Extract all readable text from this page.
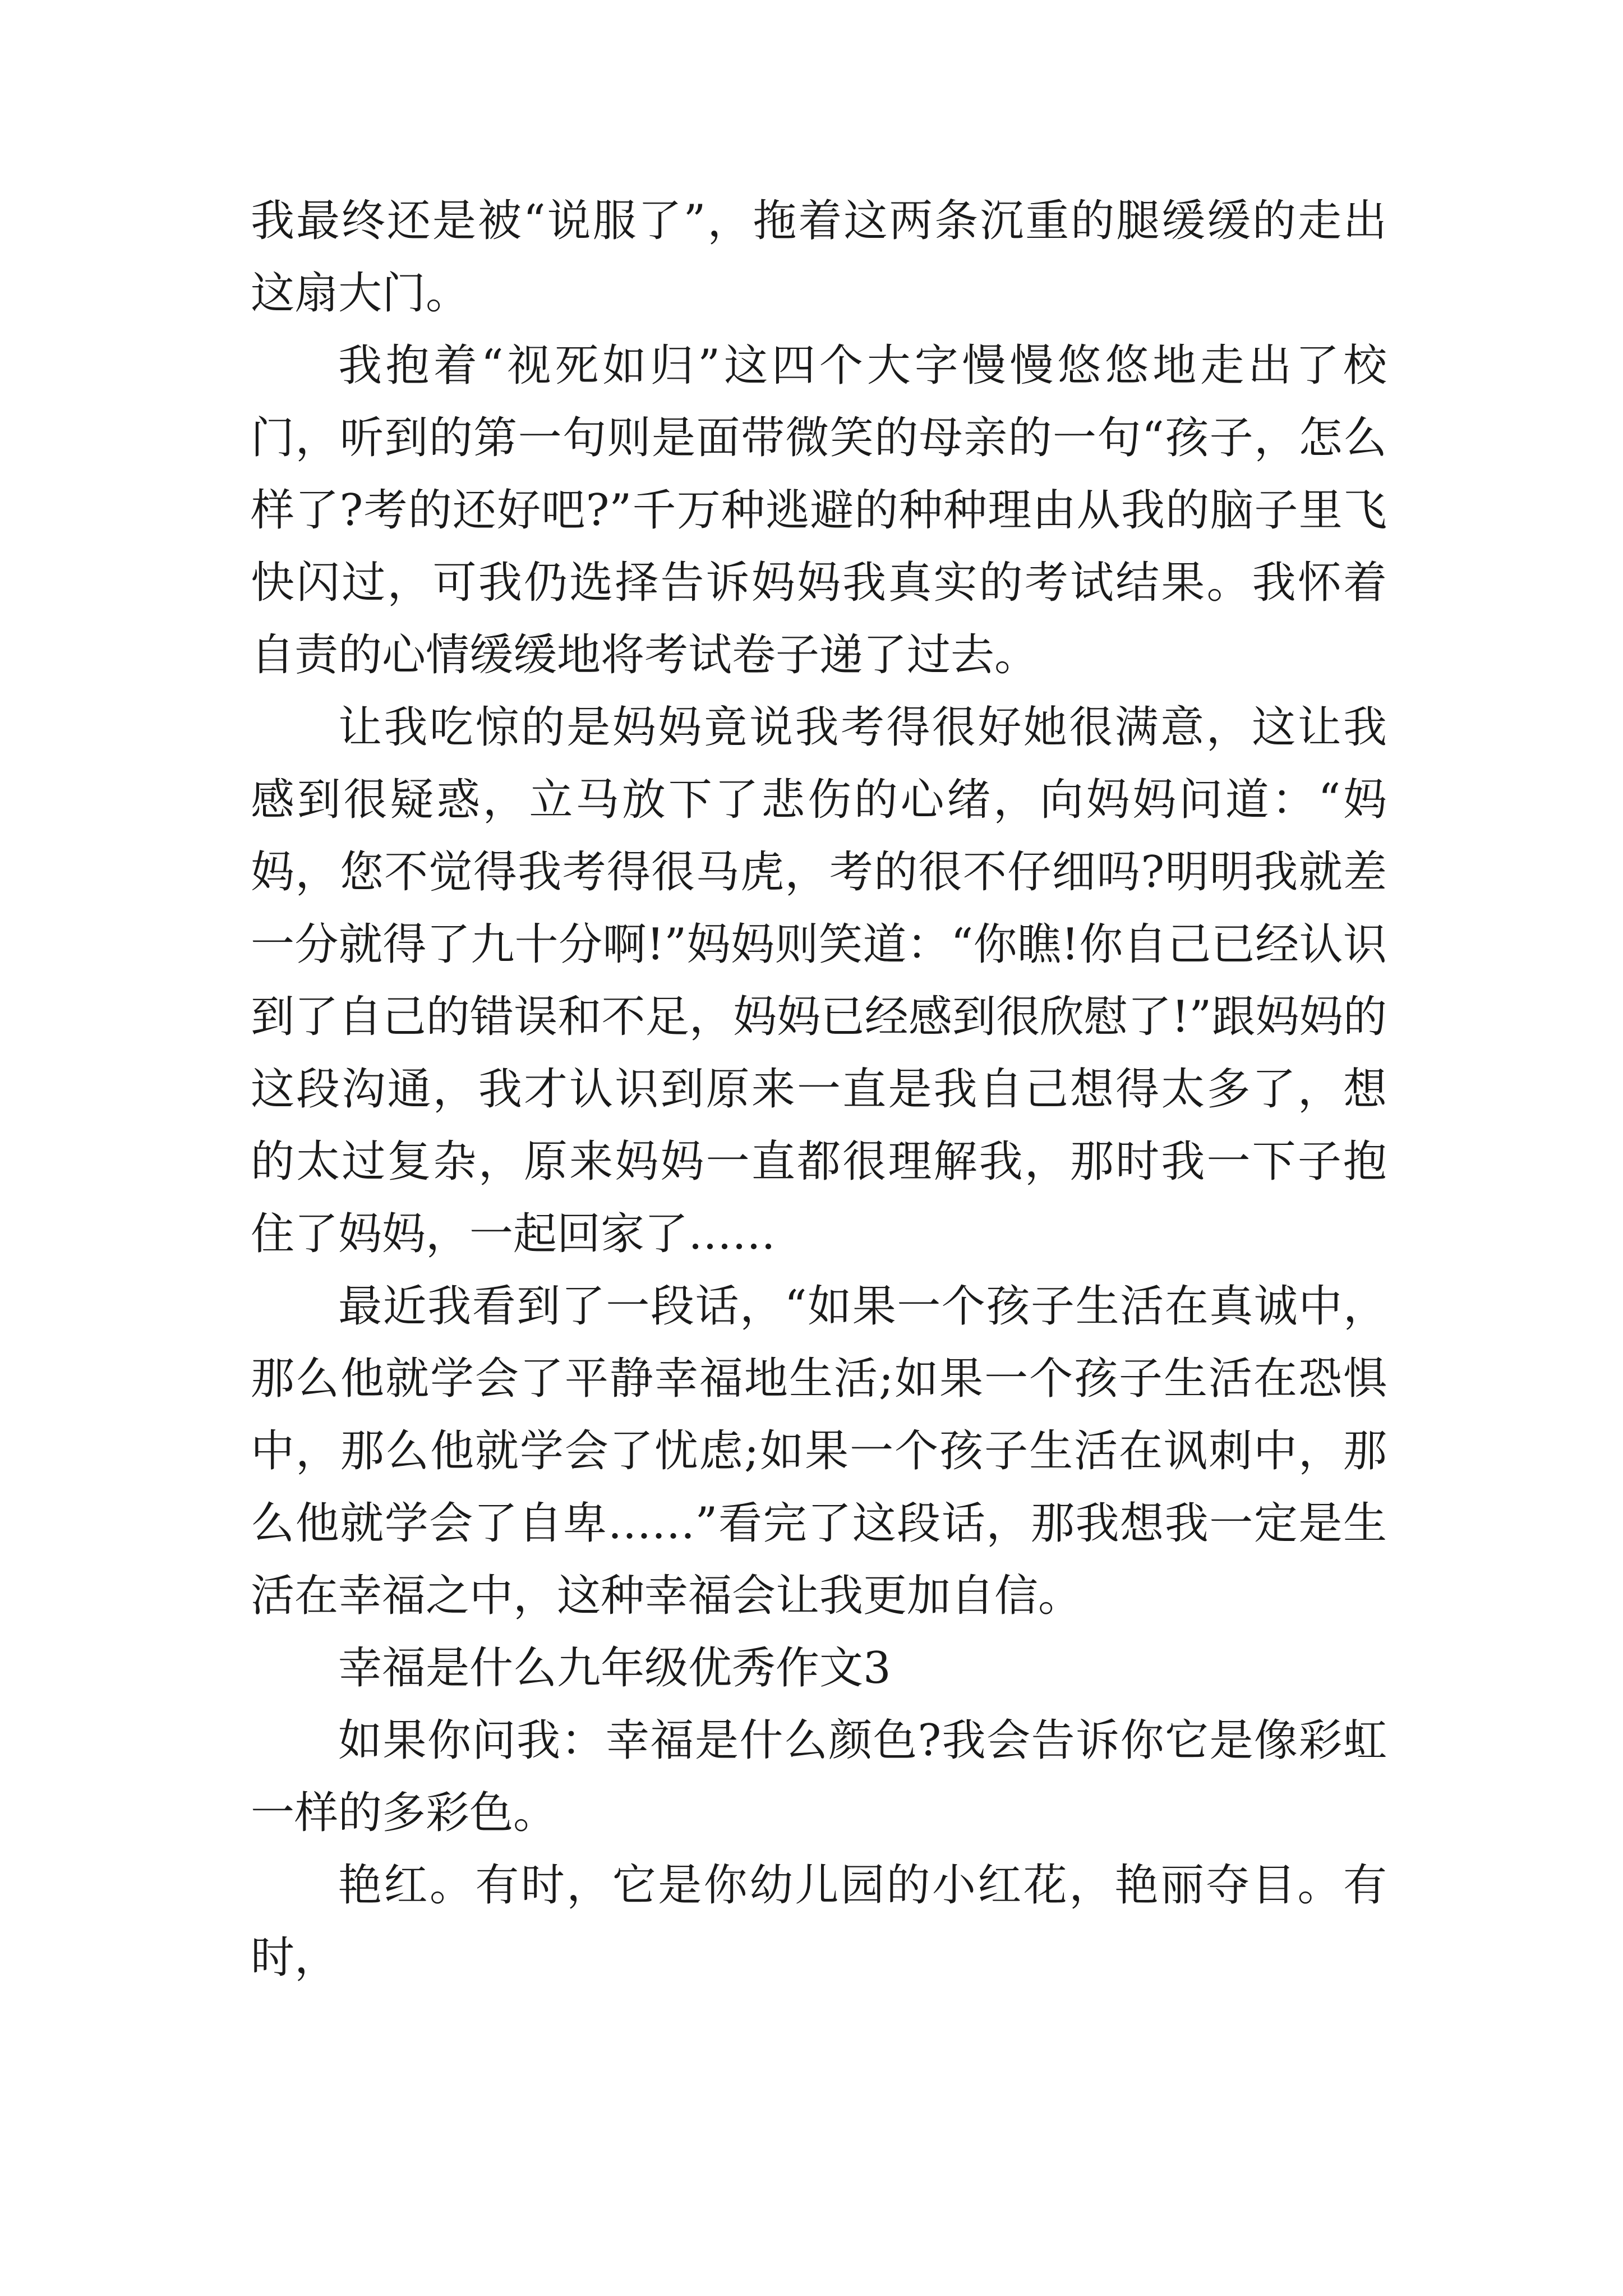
我最终还是被“说服了”，拖着这两条沉重的腿缓缓的走出这扇大门。

我抱着“视死如归”这四个大字慢慢悠悠地走出了校门，听到的第一句则是面带微笑的母亲的一句“孩子，怎么样了?考的还好吧?”千万种逃避的种种理由从我的脑子里飞快闪过，可我仍选择告诉妈妈我真实的考试结果。我怀着自责的心情缓缓地将考试卷子递了过去。

让我吃惊的是妈妈竟说我考得很好她很满意，这让我感到很疑惑，立马放下了悲伤的心绪，向妈妈问道：“妈妈，您不觉得我考得很马虎，考的很不仔细吗?明明我就差一分就得了九十分啊!”妈妈则笑道：“你瞧!你自己已经认识到了自己的错误和不足，妈妈已经感到很欣慰了!”跟妈妈的这段沟通，我才认识到原来一直是我自己想得太多了，想的太过复杂，原来妈妈一直都很理解我，那时我一下子抱住了妈妈，一起回家了……

最近我看到了一段话，“如果一个孩子生活在真诚中，那么他就学会了平静幸福地生活;如果一个孩子生活在恐惧中，那么他就学会了忧虑;如果一个孩子生活在讽刺中，那么他就学会了自卑……”看完了这段话，那我想我一定是生活在幸福之中，这种幸福会让我更加自信。

幸福是什么九年级优秀作文3

如果你问我：幸福是什么颜色?我会告诉你它是像彩虹一样的多彩色。

艳红。有时，它是你幼儿园的小红花，艳丽夺目。有时，
